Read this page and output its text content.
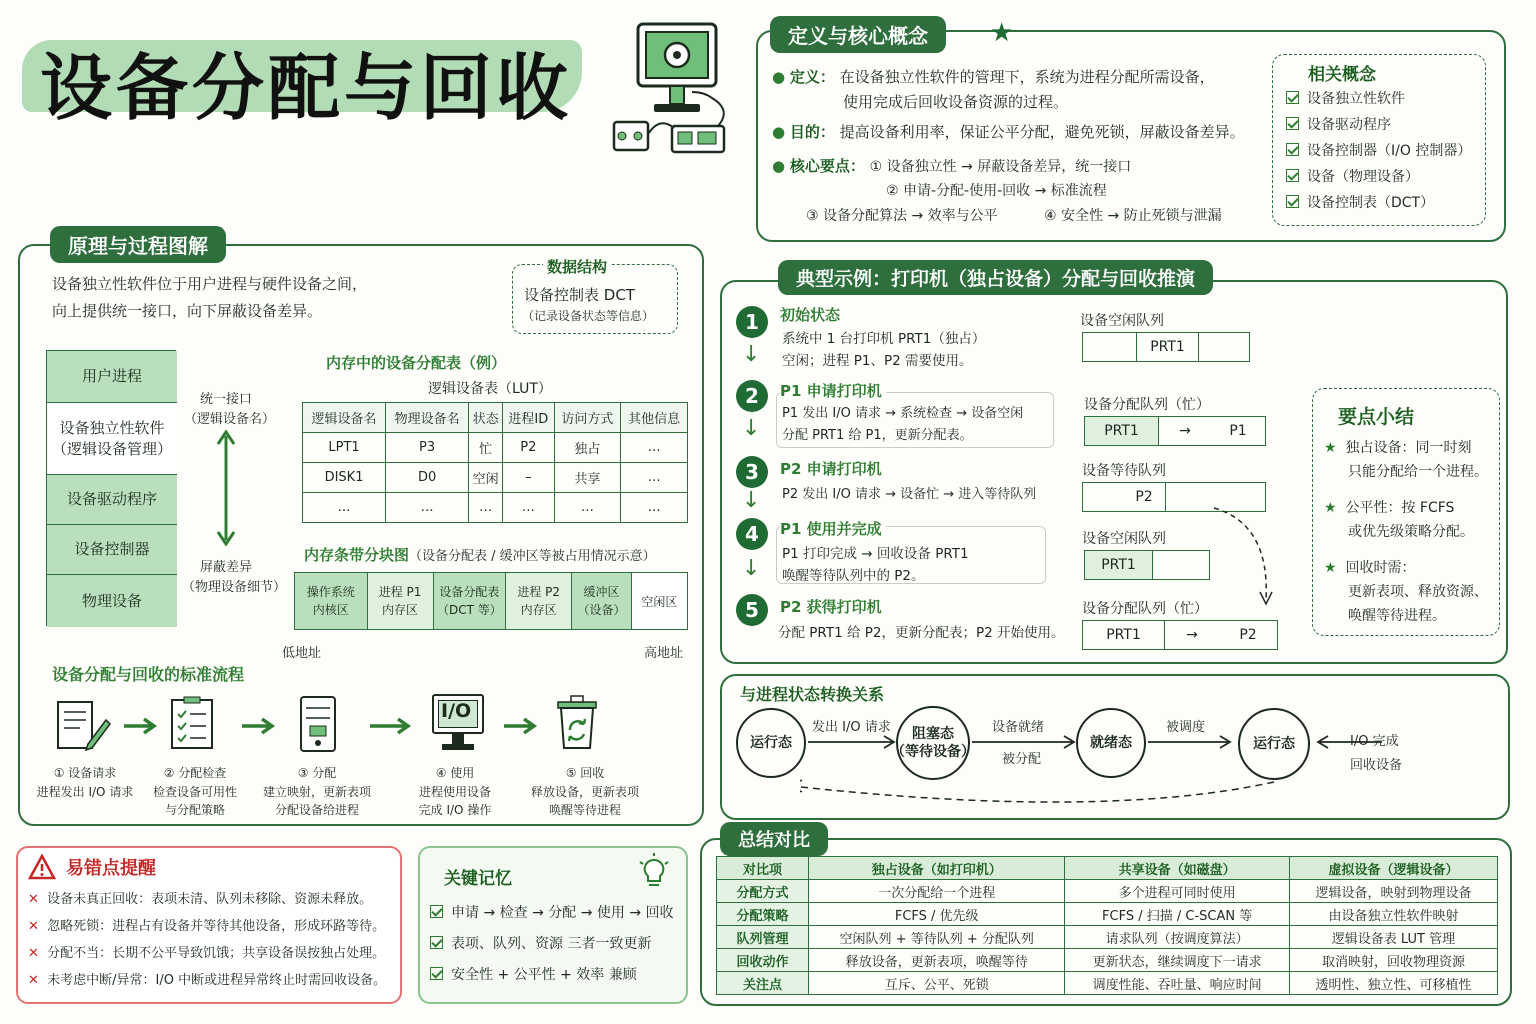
设备分配与回收
定义与核心概念	★
● 定义： 在设备独立性软件的管理下，系统为进程分配所需设备，
使用完成后回收设备资源的过程。
● 目的： 提高设备利用率，保证公平分配，避免死锁，屏蔽设备差异。
● 核心要点： ① 设备独立性 → 屏蔽设备差异，统一接口
② 申请-分配-使用-回收 → 标准流程
③ 设备分配算法 → 效率与公平	④ 安全性 → 防止死锁与泄漏
相关概念
设备独立性软件
设备驱动程序
设备控制器（I/O 控制器）
设备（物理设备）
设备控制表（DCT）
原理与过程图解
设备独立性软件位于用户进程与硬件设备之间，
向上提供统一接口，向下屏蔽设备差异。
数据结构
设备控制表 DCT
（记录设备状态等信息）
用户进程
设备独立性软件
（逻辑设备管理）
设备驱动程序
设备控制器
物理设备
统一接口
（逻辑设备名）
屏蔽差异
（物理设备细节）
内存中的设备分配表（例）
逻辑设备表（LUT）
逻辑设备名	物理设备名	状态	进程ID	访问方式	其他信息
LPT1	P3	忙	P2	独占	…
DISK1	D0	空闲	–	共享	…
…	…	…	…	…	…
内存条带分块图（设备分配表 / 缓冲区等被占用情况示意）
操作系统
内核区
进程 P1
内存区
设备分配表
（DCT 等）
进程 P2
内存区
缓冲区
（设备）
空闲区
低地址	高地址
设备分配与回收的标准流程
I/O
① 设备请求
进程发出 I/O 请求
② 分配检查
检查设备可用性
与分配策略
③ 分配
建立映射，更新表项
分配设备给进程
④ 使用
进程使用设备
完成 I/O 操作
⑤ 回收
释放设备，更新表项
唤醒等待进程
典型示例：打印机（独占设备）分配与回收推演
1	初始状态
系统中 1 台打印机 PRT1（独占）
空闲；进程 P1、P2 需要使用。
↓
2	P1 申请打印机
P1 发出 I/O 请求 → 系统检查 → 设备空闲
分配 PRT1 给 P1，更新分配表。
↓
3	P2 申请打印机
P2 发出 I/O 请求 → 设备忙 → 进入等待队列
↓
4	P1 使用并完成
P1 打印完成 → 回收设备 PRT1
唤醒等待队列中的 P2。
↓
5	P2 获得打印机
分配 PRT1 给 P2，更新分配表；P2 开始使用。
设备空闲队列
PRT1
设备分配队列（忙）
PRT1	→	P1
设备等待队列
P2
设备空闲队列
PRT1
设备分配队列（忙）
PRT1	→	P2
要点小结
★ 独占设备：同一时刻
只能分配给一个进程。
★ 公平性：按 FCFS
或优先级策略分配。
★ 回收时需：
更新表项、释放资源、
唤醒等待进程。
与进程状态转换关系
运行态
阻塞态
（等待设备）
就绪态	运行态
发出 I/O 请求	设备就绪
被分配
被调度
I/O 完成
回收设备
总结对比
对比项	独占设备（如打印机）	共享设备（如磁盘）	虚拟设备（逻辑设备）
分配方式	一次分配给一个进程	多个进程可同时使用	逻辑设备，映射到物理设备
分配策略	FCFS / 优先级	FCFS / 扫描 / C-SCAN 等	由设备独立性软件映射
队列管理	空闲队列 + 等待队列 + 分配队列	请求队列（按调度算法）	逻辑设备表 LUT 管理
回收动作	释放设备，更新表项，唤醒等待	更新状态，继续调度下一请求	取消映射，回收物理资源
关注点	互斥、公平、死锁	调度性能、吞吐量、响应时间	透明性、独立性、可移植性
易错点提醒
✕ 设备未真正回收：表项未清、队列未移除、资源未释放。
✕ 忽略死锁：进程占有设备并等待其他设备，形成环路等待。
✕ 分配不当：长期不公平导致饥饿；共享设备误按独占处理。
✕ 未考虑中断/异常：I/O 中断或进程异常终止时需回收设备。
关键记忆
申请 → 检查 → 分配 → 使用 → 回收
表项、队列、资源 三者一致更新
安全性 + 公平性 + 效率 兼顾
